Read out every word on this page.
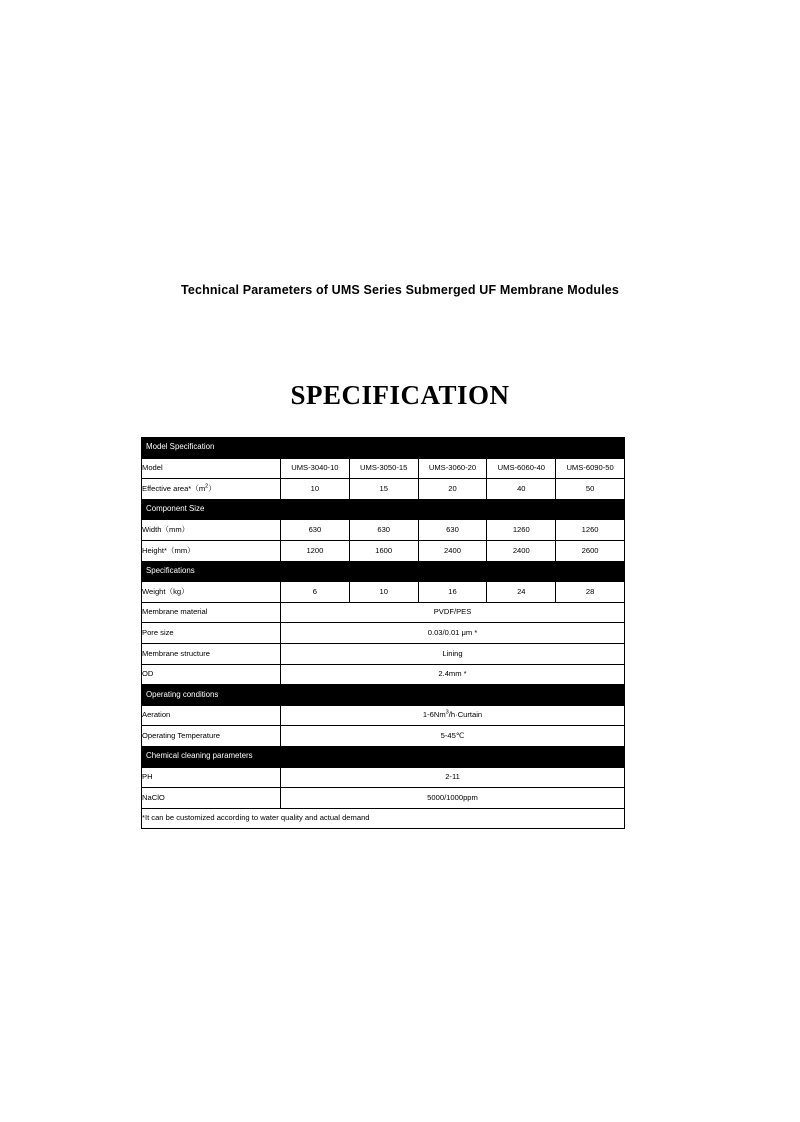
Technical Parameters of UMS Series Submerged UF Membrane Modules
SPECIFICATION
Model Specification					
Model	UMS-3040-10	UMS-3050-15	UMS-3060-20	UMS-6060-40	UMS-6090-50
Effective $area*(m^2)$	10	15	20	40	50
Component Size					
Width（mm）	630	630	630	1260	1260
Height*（mm）	1200	1600	2400	2400	2600
Specifications					
Weight（kg）	6	10	16	24	28
Membrane material	PVDF/PES				
Pore size	0.03/0.01 μm *				
Membrane structure	Lining				
OD	2.4mm *				
Operating conditions					
Aeration	$1-6Nm^3/h\cdot Curtain$				
Operating Temperature	5-45℃				
Chemical cleaning parameters					
PH	2-11				
NaClO	5000/1000ppm				
*It can be customized according to water quality and actual demand					
